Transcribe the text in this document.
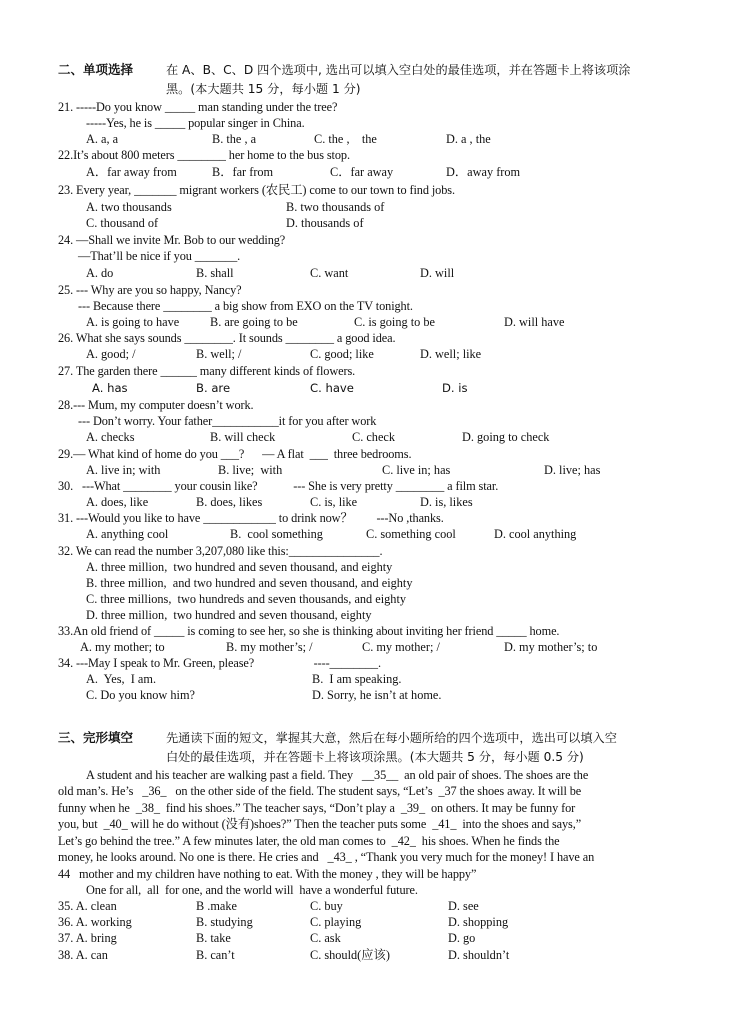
二、单项选择	在 A、B、C、D 四个选项中, 选出可以填入空白处的最佳选项，并在答题卡上将该项涂
黑。(本大题共 15 分，每小题 1 分)
21. -----Do you know _____ man standing under the tree?
-----Yes, he is _____ popular singer in China.
A. a, a	B. the , a	C. the ,    the	D. a , the
22.It’s about 800 meters ________ her home to the bus stop.
A．far away from	B．far from	C．far away	D．away from
23. Every year, _______ migrant workers (农民工) come to our town to find jobs.
A. two thousands	B. two thousands of
C. thousand of	D. thousands of
24. —Shall we invite Mr. Bob to our wedding?
—That’ll be nice if you _______.
A. do	B. shall	C. want	D. will
25. --- Why are you so happy, Nancy?
--- Because there ________ a big show from EXO on the TV tonight.
A. is going to have	B. are going to be	C. is going to be	D. will have
26. What she says sounds ________. It sounds ________ a good idea.
A. good; /	B. well; /	C. good; like	D. well; like
27. The garden there ______ many different kinds of flowers.
A. has	B. are	C. have	D. is
28.--- Mum, my computer doesn’t work.
--- Don’t worry. Your father___________it for you after work
A. checks	B. will check	C. check	D. going to check
29.— What kind of home do you ___?      — A flat  ___  three bedrooms.
A. live in; with	B. live;  with	C. live in; has	D. live; has
30.   ---What ________ your cousin like?            --- She is very pretty ________ a film star.
A. does, like	B. does, likes	C. is, like	D. is, likes
31. ---Would you like to have ____________ to drink now？        ---No ,thanks.
A. anything cool	B.  cool something	C. something cool	D. cool anything
32. We can read the number 3,207,080 like this:_______________.
A. three million,  two hundred and seven thousand, and eighty
B. three million,  and two hundred and seven thousand, and eighty
C. three millions,  two hundreds and seven thousands, and eighty
D. three million,  two hundred and seven thousand, eighty
33.An old friend of _____ is coming to see her, so she is thinking about inviting her friend _____ home.
A. my mother; to	B. my mother’s; /	C. my mother; /	D. my mother’s; to
34. ---May I speak to Mr. Green, please?                    ----________.
A.  Yes,  I am.	B.  I am speaking.
C. Do you know him?	D. Sorry, he isn’t at home.
三、完形填空	先通读下面的短文，掌握其大意，然后在每小题所给的四个选项中，选出可以填入空
白处的最佳选项，并在答题卡上将该项涂黑。(本大题共 5 分，每小题 0.5 分)
A student and his teacher are walking past a field. They   __35__  an old pair of shoes. The shoes are the
old man’s. He’s   _36_   on the other side of the field. The student says, “Let’s  _37 the shoes away. It will be
funny when he  _38_  find his shoes.” The teacher says, “Don’t play a  _39_  on others. It may be funny for
you, but  _40_ will he do without (没有)shoes?” Then the teacher puts some  _41_  into the shoes and says,”
Let’s go behind the tree.” A few minutes later, the old man comes to  _42_  his shoes. When he finds the
money, he looks around. No one is there. He cries and   _43_ , “Thank you very much for the money! I have an
44   mother and my children have nothing to eat. With the money , they will be happy”
One for all,  all  for one, and the world will  have a wonderful future.
35. A. clean	B .make	C. buy	D. see
36. A. working	B. studying	C. playing	D. shopping
37. A. bring	B. take	C. ask	D. go
38. A. can	B. can’t	C. should(应该)	D. shouldn’t
